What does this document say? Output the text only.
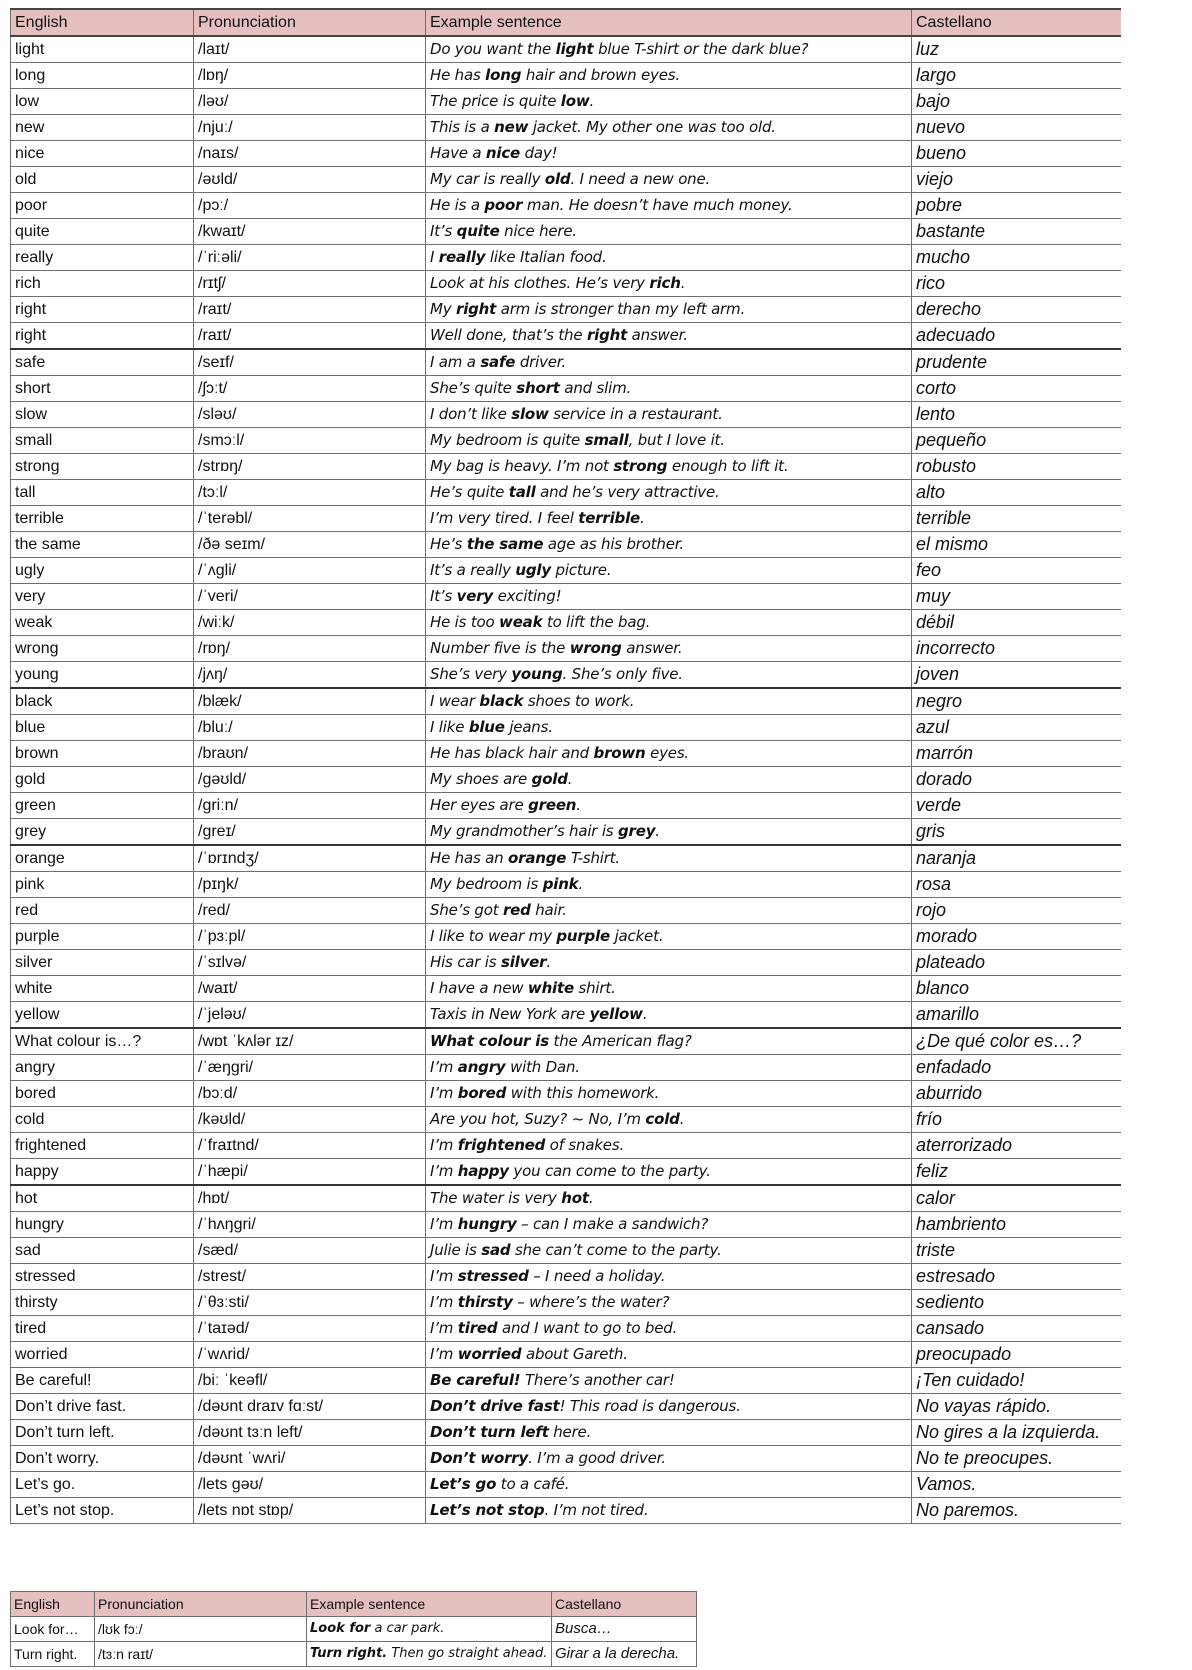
English	Pronunciation	Example sentence	Castellano
light	/laɪt/	Do you want the light blue T-shirt or the dark blue?	luz
long	/lɒŋ/	He has long hair and brown eyes.	largo
low	/ləʊ/	The price is quite low.	bajo
new	/njuː/	This is a new jacket. My other one was too old.	nuevo
nice	/naɪs/	Have a nice day!	bueno
old	/əʊld/	My car is really old. I need a new one.	viejo
poor	/pɔː/	He is a poor man. He doesn’t have much money.	pobre
quite	/kwaɪt/	It’s quite nice here.	bastante
really	/ˈriːəli/	I really like Italian food.	mucho
rich	/rɪtʃ/	Look at his clothes. He’s very rich.	rico
right	/raɪt/	My right arm is stronger than my left arm.	derecho
right	/raɪt/	Well done, that’s the right answer.	adecuado
safe	/seɪf/	I am a safe driver.	prudente
short	/ʃɔːt/	She’s quite short and slim.	corto
slow	/sləʊ/	I don’t like slow service in a restaurant.	lento
small	/smɔːl/	My bedroom is quite small, but I love it.	pequeño
strong	/strɒŋ/	My bag is heavy. I’m not strong enough to lift it.	robusto
tall	/tɔːl/	He’s quite tall and he’s very attractive.	alto
terrible	/ˈterəbl/	I’m very tired. I feel terrible.	terrible
the same	/ðə seɪm/	He’s the same age as his brother.	el mismo
ugly	/ˈʌgli/	It’s a really ugly picture.	feo
very	/ˈveri/	It’s very exciting!	muy
weak	/wiːk/	He is too weak to lift the bag.	débil
wrong	/rɒŋ/	Number five is the wrong answer.	incorrecto
young	/jʌŋ/	She’s very young. She’s only five.	joven
black	/blæk/	I wear black shoes to work.	negro
blue	/bluː/	I like blue jeans.	azul
brown	/braʊn/	He has black hair and brown eyes.	marrón
gold	/gəʊld/	My shoes are gold.	dorado
green	/griːn/	Her eyes are green.	verde
grey	/greɪ/	My grandmother’s hair is grey.	gris
orange	/ˈɒrɪndʒ/	He has an orange T-shirt.	naranja
pink	/pɪŋk/	My bedroom is pink.	rosa
red	/red/	She’s got red hair.	rojo
purple	/ˈpɜːpl/	I like to wear my purple jacket.	morado
silver	/ˈsɪlvə/	His car is silver.	plateado
white	/waɪt/	I have a new white shirt.	blanco
yellow	/ˈjeləʊ/	Taxis in New York are yellow.	amarillo
What colour is…?	/wɒt ˈkʌlər ɪz/	What colour is the American flag?	¿De qué color es…?
angry	/ˈæŋgri/	I’m angry with Dan.	enfadado
bored	/bɔːd/	I’m bored with this homework.	aburrido
cold	/kəʊld/	Are you hot, Suzy? ~ No, I’m cold.	frío
frightened	/ˈfraɪtnd/	I’m frightened of snakes.	aterrorizado
happy	/ˈhæpi/	I’m happy you can come to the party.	feliz
hot	/hɒt/	The water is very hot.	calor
hungry	/ˈhʌŋgri/	I’m hungry – can I make a sandwich?	hambriento
sad	/sæd/	Julie is sad she can’t come to the party.	triste
stressed	/strest/	I’m stressed – I need a holiday.	estresado
thirsty	/ˈθɜːsti/	I’m thirsty – where’s the water?	sediento
tired	/ˈtaɪəd/	I’m tired and I want to go to bed.	cansado
worried	/ˈwʌrid/	I’m worried about Gareth.	preocupado
Be careful!	/biː ˈkeəfl/	Be careful! There’s another car!	¡Ten cuidado!
Don’t drive fast.	/dəʊnt draɪv fɑːst/	Don’t drive fast! This road is dangerous.	No vayas rápido.
Don’t turn left.	/dəʊnt tɜːn left/	Don’t turn left here.	No gires a la izquierda.
Don’t worry.	/dəʊnt ˈwʌri/	Don’t worry. I’m a good driver.	No te preocupes.
Let’s go.	/lets gəʊ/	Let’s go to a café.	Vamos.
Let’s not stop.	/lets nɒt stɒp/	Let’s not stop. I’m not tired.	No paremos.
English	Pronunciation	Example sentence	Castellano
Look for…	/lʊk fɔː/	Look for a car park.	Busca…
Turn right.	/tɜːn raɪt/	Turn right. Then go straight ahead.	Girar a la derecha.
